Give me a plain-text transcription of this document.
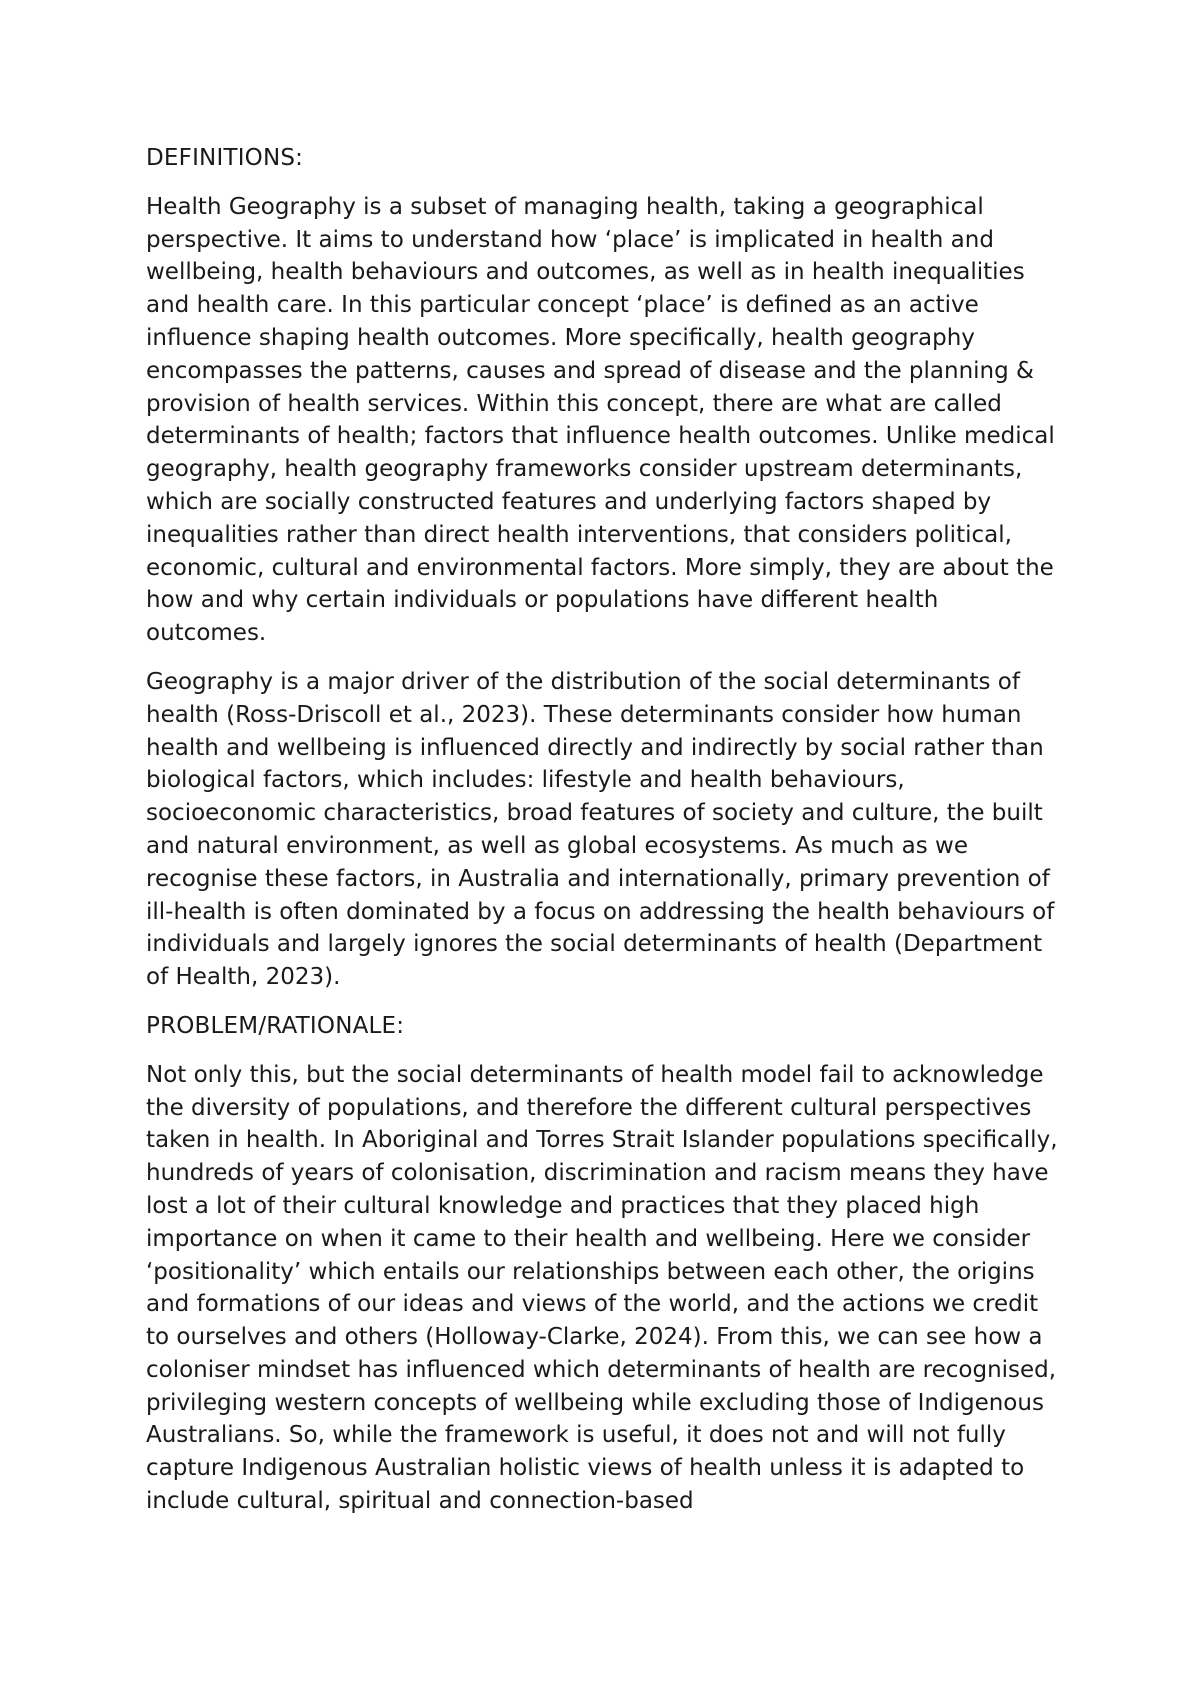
DEFINITIONS:

Health Geography is a subset of managing health, taking a geographical perspective. It aims to understand how ‘place’ is implicated in health and wellbeing, health behaviours and outcomes, as well as in health inequalities and health care. In this particular concept ‘place’ is defined as an active influence shaping health outcomes. More specifically, health geography encompasses the patterns, causes and spread of disease and the planning & provision of health services. Within this concept, there are what are called determinants of health; factors that influence health outcomes. Unlike medical geography, health geography frameworks consider upstream determinants, which are socially constructed features and underlying factors shaped by inequalities rather than direct health interventions, that considers political, economic, cultural and environmental factors. More simply, they are about the how and why certain individuals or populations have different health outcomes.

Geography is a major driver of the distribution of the social determinants of health (Ross-Driscoll et al., 2023). These determinants consider how human health and wellbeing is influenced directly and indirectly by social rather than biological factors, which includes: lifestyle and health behaviours, socioeconomic characteristics, broad features of society and culture, the built and natural environment, as well as global ecosystems. As much as we recognise these factors, in Australia and internationally, primary prevention of ill-health is often dominated by a focus on addressing the health behaviours of individuals and largely ignores the social determinants of health (Department of Health, 2023).

PROBLEM/RATIONALE:

Not only this, but the social determinants of health model fail to acknowledge the diversity of populations, and therefore the different cultural perspectives taken in health. In Aboriginal and Torres Strait Islander populations specifically, hundreds of years of colonisation, discrimination and racism means they have lost a lot of their cultural knowledge and practices that they placed high importance on when it came to their health and wellbeing. Here we consider ‘positionality’ which entails our relationships between each other, the origins and formations of our ideas and views of the world, and the actions we credit to ourselves and others (Holloway-Clarke, 2024). From this, we can see how a coloniser mindset has influenced which determinants of health are recognised, privileging western concepts of wellbeing while excluding those of Indigenous Australians. So, while the framework is useful, it does not and will not fully capture Indigenous Australian holistic views of health unless it is adapted to include cultural, spiritual and connection-based
